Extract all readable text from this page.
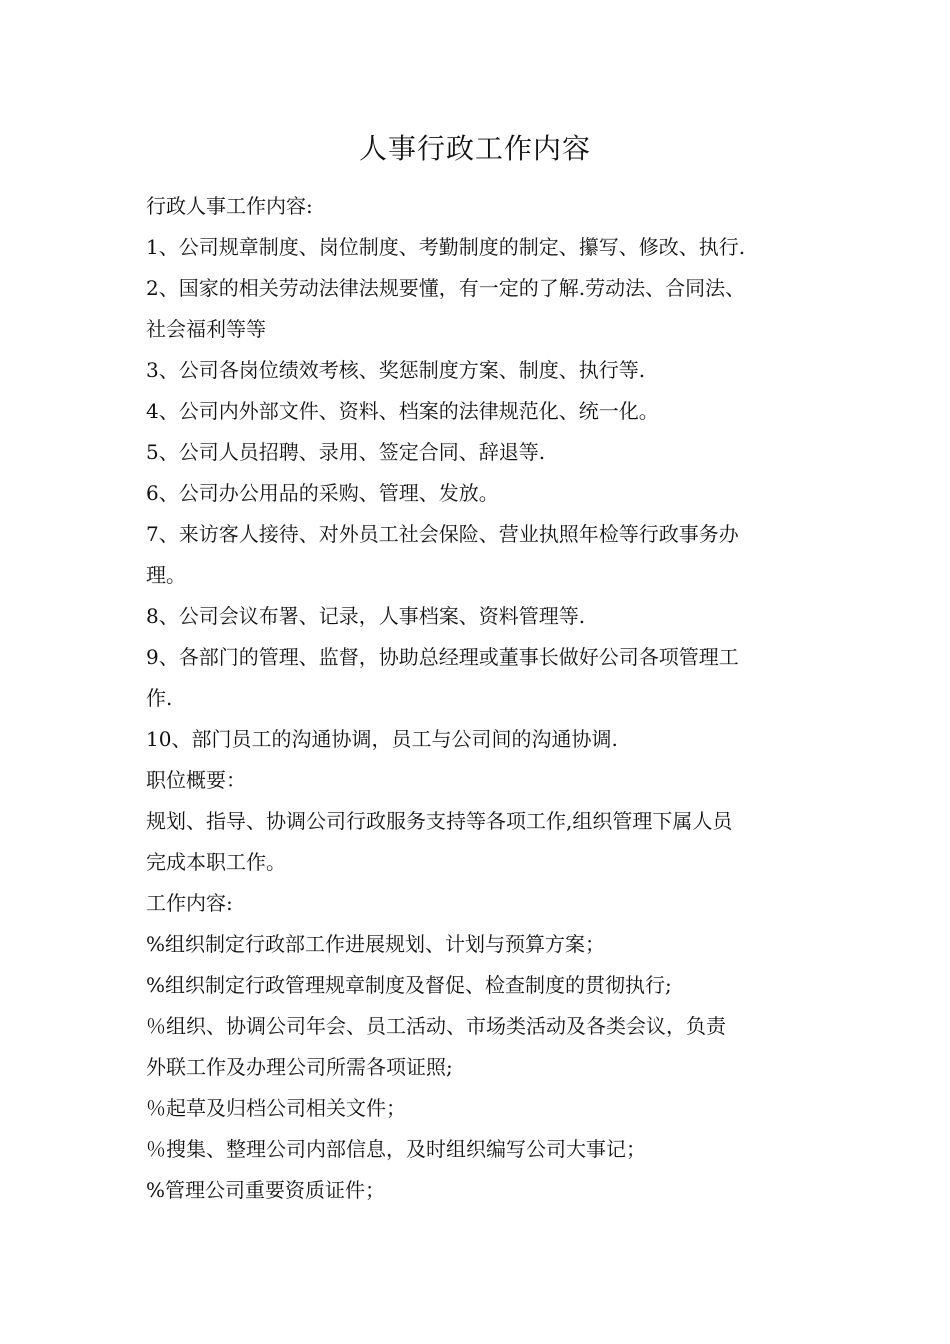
人事行政工作内容

行政人事工作内容:

1、公司规章制度、岗位制度、考勤制度的制定、攥写、修改、执行.

2、国家的相关劳动法律法规要懂，有一定的了解.劳动法、合同法、

社会福利等等

3、公司各岗位绩效考核、奖惩制度方案、制度、执行等.

4、公司内外部文件、资料、档案的法律规范化、统一化。

5、公司人员招聘、录用、签定合同、辞退等.

6、公司办公用品的采购、管理、发放。

7、来访客人接待、对外员工社会保险、营业执照年检等行政事务办

理。

8、公司会议布署、记录，人事档案、资料管理等.

9、各部门的管理、监督，协助总经理或董事长做好公司各项管理工

作.

10、部门员工的沟通协调，员工与公司间的沟通协调.

职位概要：

规划、指导、协调公司行政服务支持等各项工作,组织管理下属人员

完成本职工作。

工作内容:

%组织制定行政部工作进展规划、计划与预算方案；

%组织制定行政管理规章制度及督促、检查制度的贯彻执行;

％组织、协调公司年会、员工活动、市场类活动及各类会议，负责

外联工作及办理公司所需各项证照;

％起草及归档公司相关文件；

％搜集、整理公司内部信息，及时组织编写公司大事记；

%管理公司重要资质证件；
